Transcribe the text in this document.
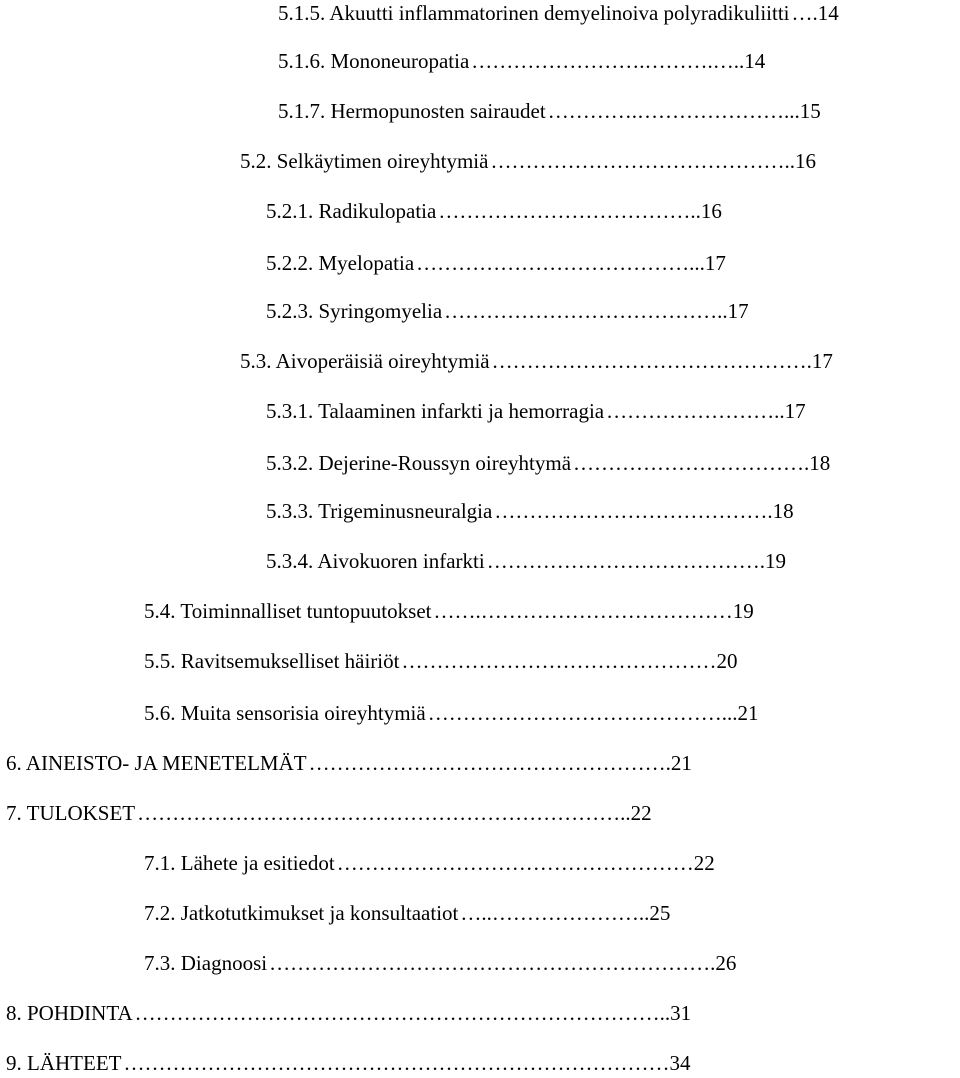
5.1.5. Akuutti inflammatorinen demyelinoiva polyradikuliitti ….14
5.1.6. Mononeuropatia …………………….……….…..14
5.1.7. Hermopunosten sairaudet ………….…………………...15
5.2. Selkäytimen oireyhtymiä ……………………………………..16
5.2.1. Radikulopatia ………………………………..16
5.2.2. Myelopatia …………………………………...17
5.2.3. Syringomyelia …………………………………..17
5.3. Aivoperäisiä oireyhtymiä ……………………………………….17
5.3.1. Talaaminen infarkti ja hemorragia ……………………..17
5.3.2. Dejerine-Roussyn oireyhtymä …………………………….18
5.3.3. Trigeminusneuralgia ………………………………….18
5.3.4. Aivokuoren infarkti ………………………………….19
5.4. Toiminnalliset tuntopuutokset …….………………………………19
5.5. Ravitsemukselliset häiriöt ………………………………………20
5.6. Muita sensorisia oireyhtymiä ……………………………………...21
6. AINEISTO- JA MENETELMÄT …………………………………………….21
7. TULOKSET ……………………………………………………………..22
7.1. Lähete ja esitiedot ……………………………………………22
7.2. Jatkotutkimukset ja konsultaatiot …..…………………..25
7.3. Diagnoosi ……………………………………………………….26
8. POHDINTA …………………………………………………………………..31
9. LÄHTEET ……………………………………………………………………34
